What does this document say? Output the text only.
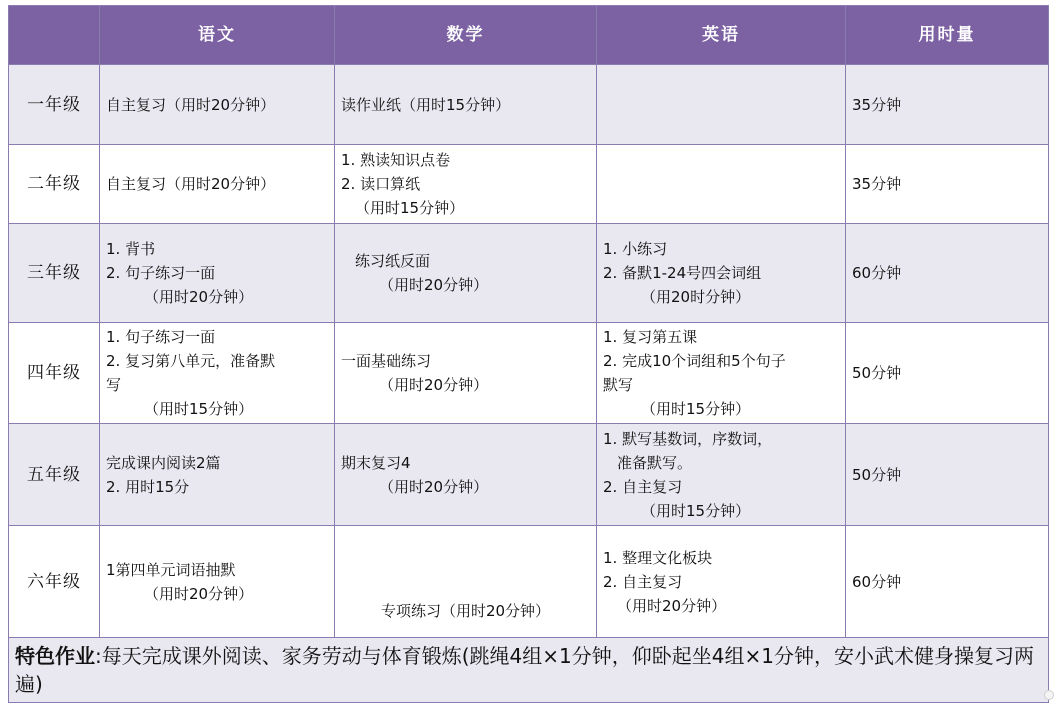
	语文	数学	英语	用时量
一年级	自主复习（用时20分钟）	读作业纸（用时15分钟）		35分钟
二年级	自主复习（用时20分钟）	1. 熟读知识点卷
2. 读口算纸
（用时15分钟）		35分钟
三年级	1. 背书
2. 句子练习一面
（用时20分钟）	练习纸反面
（用时20分钟）	1. 小练习
2. 备默1-24号四会词组
（用20时分钟）	60分钟
四年级	1. 句子练习一面
2. 复习第八单元，准备默
写
（用时15分钟）	一面基础练习
（用时20分钟）	1. 复习第五课
2. 完成10个词组和5个句子
默写
（用时15分钟）	50分钟
五年级	完成课内阅读2篇
2. 用时15分	期末复习4
（用时20分钟）	1. 默写基数词，序数词，
准备默写。
2. 自主复习
（用时15分钟）	50分钟
六年级	1第四单元词语抽默
（用时20分钟）	专项练习（用时20分钟）	1. 整理文化板块
2. 自主复习
（用时20分钟）	60分钟
特色作业:每天完成课外阅读、家务劳动与体育锻炼(跳绳4组×1分钟，仰卧起坐4组×1分钟，安小武术健身操复习两遍)				
